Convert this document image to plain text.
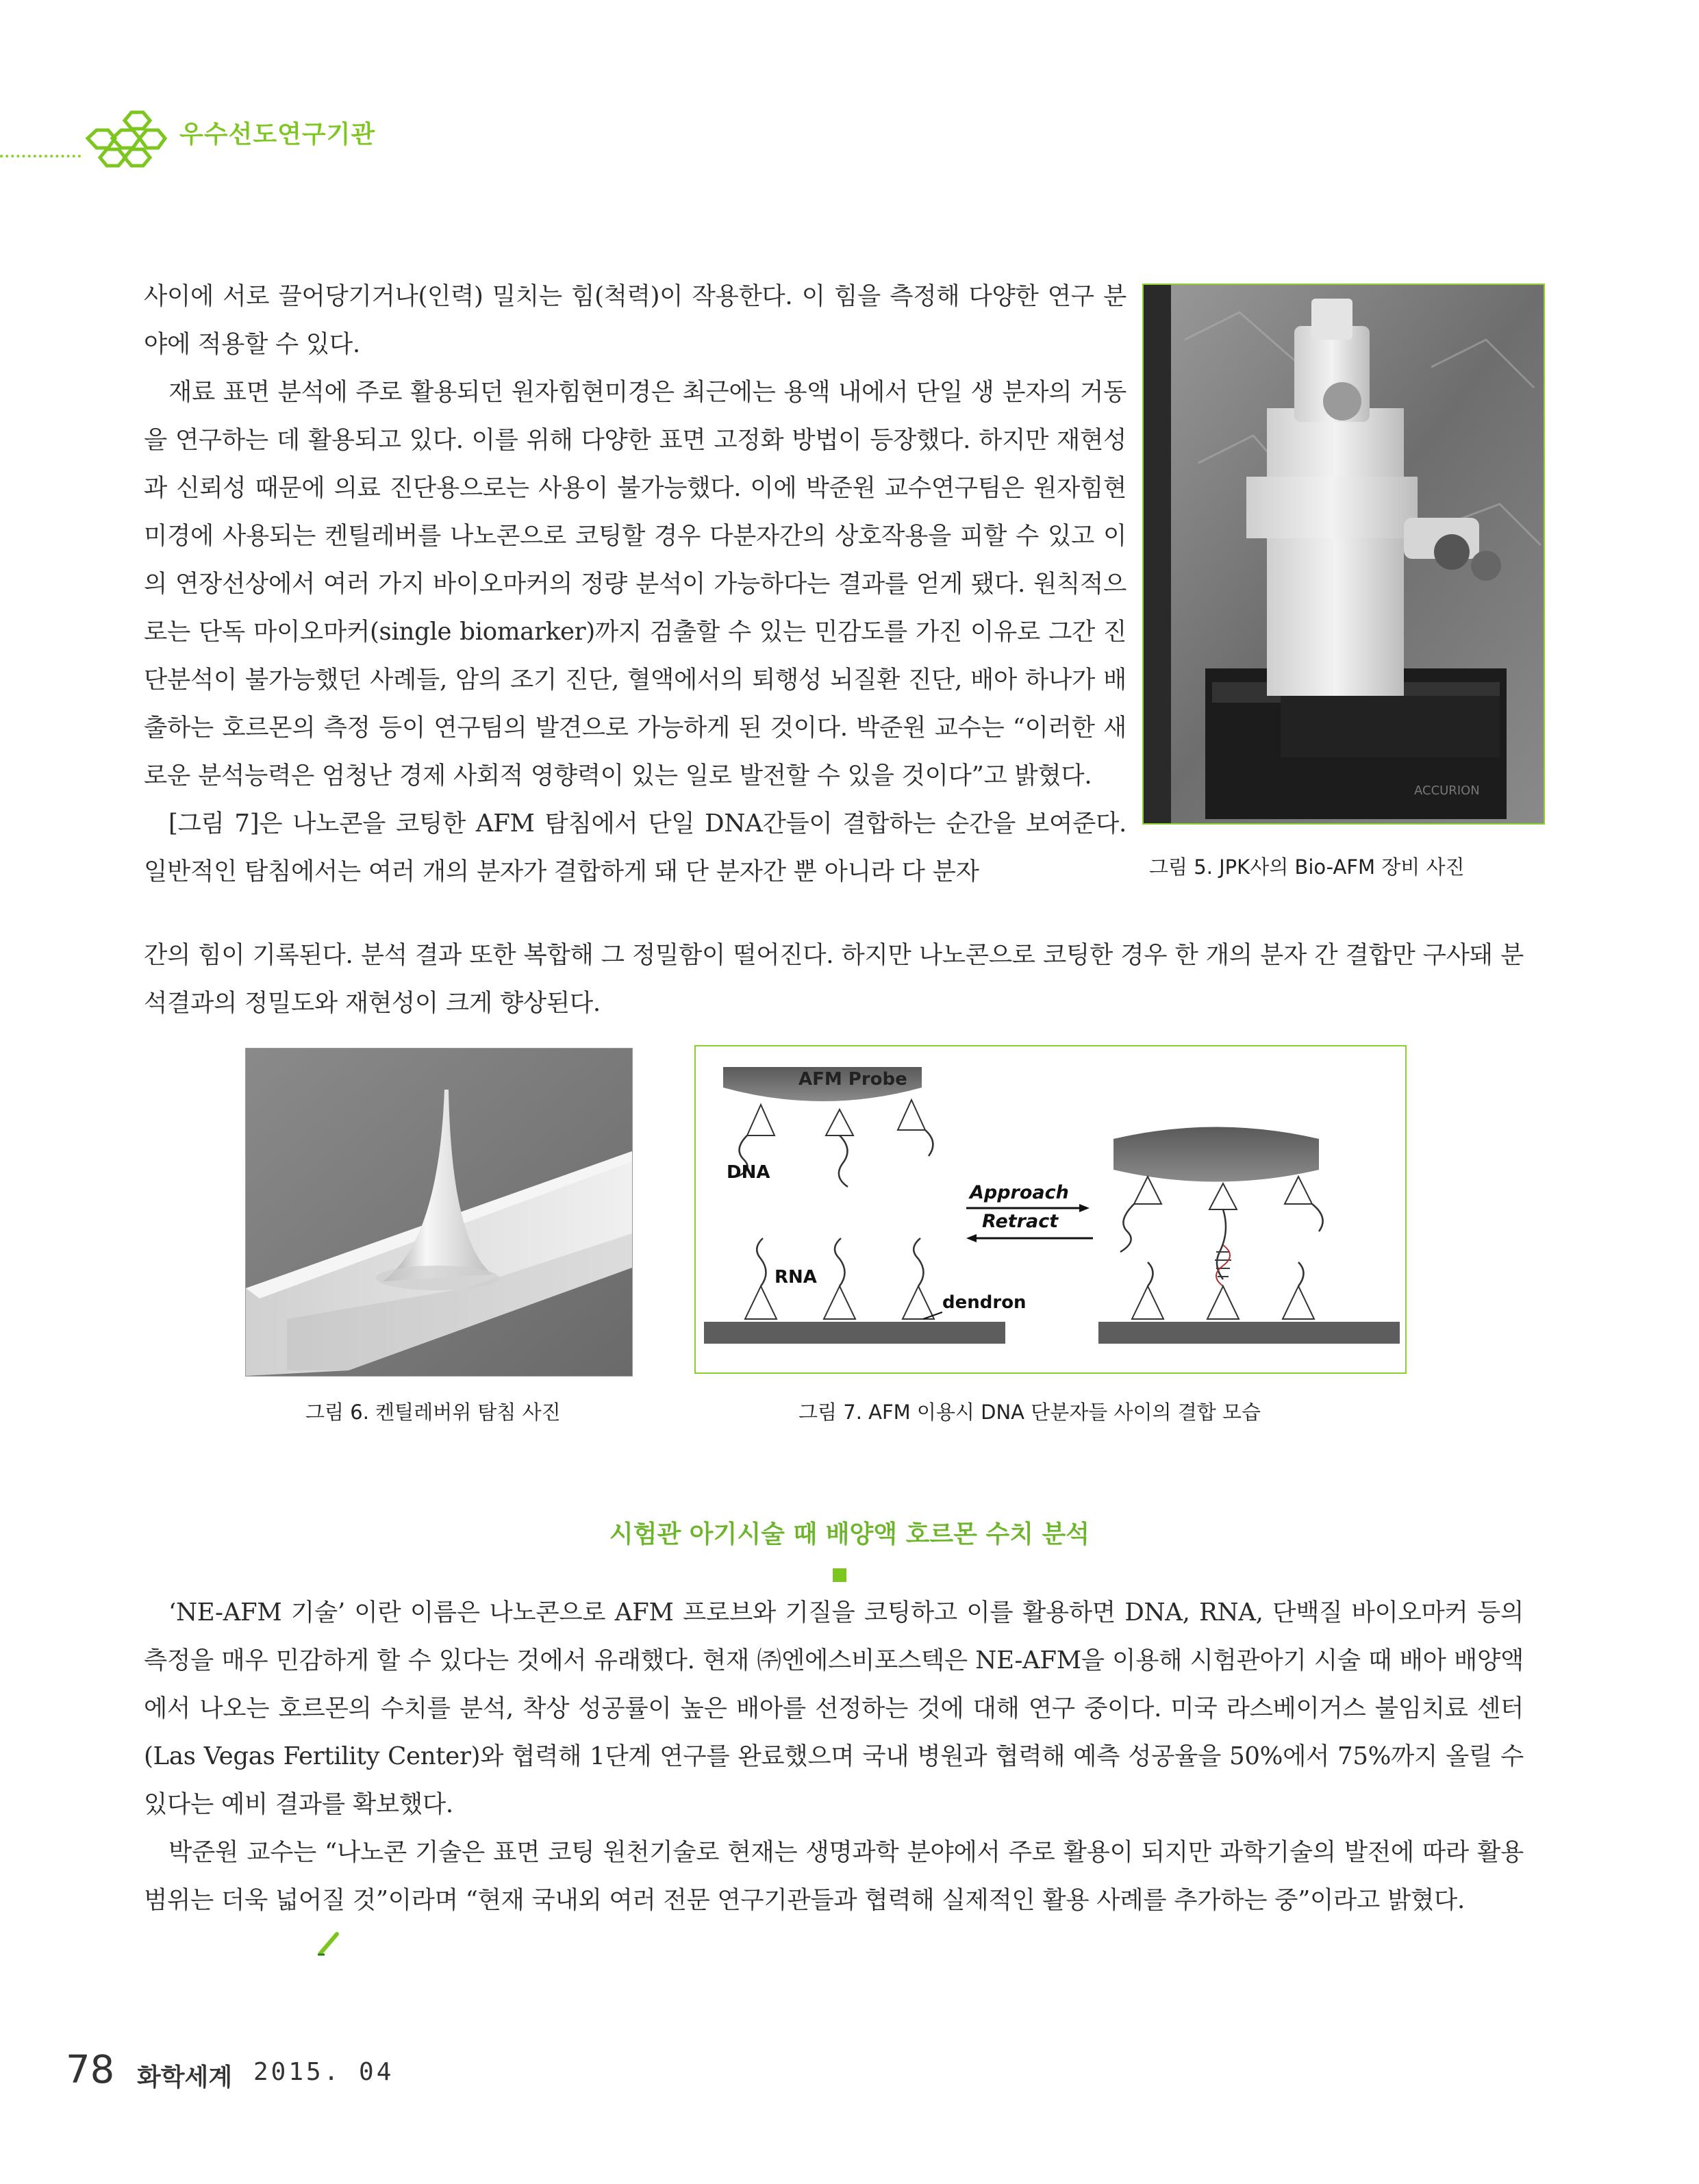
우수선도연구기관

사이에 서로 끌어당기거나(인력) 밀치는 힘(척력)이 작용한다. 이 힘을 측정해 다양한 연구 분야에 적용할 수 있다.

재료 표면 분석에 주로 활용되던 원자힘현미경은 최근에는 용액 내에서 단일 생 분자의 거동을 연구하는 데 활용되고 있다. 이를 위해 다양한 표면 고정화 방법이 등장했다. 하지만 재현성과 신뢰성 때문에 의료 진단용으로는 사용이 불가능했다. 이에 박준원 교수연구팀은 원자힘현미경에 사용되는 켄틸레버를 나노콘으로 코팅할 경우 다분자간의 상호작용을 피할 수 있고 이의 연장선상에서 여러 가지 바이오마커의 정량 분석이 가능하다는 결과를 얻게 됐다. 원칙적으로는 단독 마이오마커(single biomarker)까지 검출할 수 있는 민감도를 가진 이유로 그간 진단분석이 불가능했던 사례들, 암의 조기 진단, 혈액에서의 퇴행성 뇌질환 진단, 배아 하나가 배출하는 호르몬의 측정 등이 연구팀의 발견으로 가능하게 된 것이다. 박준원 교수는 “이러한 새로운 분석능력은 엄청난 경제 사회적 영향력이 있는 일로 발전할 수 있을 것이다”고 밝혔다.

[그림 7]은 나노콘을 코팅한 AFM 탐침에서 단일 DNA간들이 결합하는 순간을 보여준다. 일반적인 탐침에서는 여러 개의 분자가 결합하게 돼 단 분자간 뿐 아니라 다 분자

간의 힘이 기록된다. 분석 결과 또한 복합해 그 정밀함이 떨어진다. 하지만 나노콘으로 코팅한 경우 한 개의 분자 간 결합만 구사돼 분석결과의 정밀도와 재현성이 크게 향상된다.

ACCURION
그림 5. JPK사의 Bio-AFM 장비 사진
그림 6. 켄틸레버위 탐침 사진
AFM Probe
DNA
Approach
Retract
RNA
dendron
그림 7. AFM 이용시 DNA 단분자들 사이의 결합 모습
시험관 아기시술 때 배양액 호르몬 수치 분석

‘NE-AFM 기술’ 이란 이름은 나노콘으로 AFM 프로브와 기질을 코팅하고 이를 활용하면 DNA, RNA, 단백질 바이오마커 등의 측정을 매우 민감하게 할 수 있다는 것에서 유래했다. 현재 ㈜엔에스비포스텍은 NE-AFM을 이용해 시험관아기 시술 때 배아 배양액에서 나오는 호르몬의 수치를 분석, 착상 성공률이 높은 배아를 선정하는 것에 대해 연구 중이다. 미국 라스베이거스 불임치료 센터(Las Vegas Fertility Center)와 협력해 1단계 연구를 완료했으며 국내 병원과 협력해 예측 성공율을 50%에서 75%까지 올릴 수 있다는 예비 결과를 확보했다.

박준원 교수는 “나노콘 기술은 표면 코팅 원천기술로 현재는 생명과학 분야에서 주로 활용이 되지만 과학기술의 발전에 따라 활용범위는 더욱 넓어질 것”이라며 “현재 국내외 여러 전문 연구기관들과 협력해 실제적인 활용 사례를 추가하는 중”이라고 밝혔다.

78 화학세계 2015. 04
